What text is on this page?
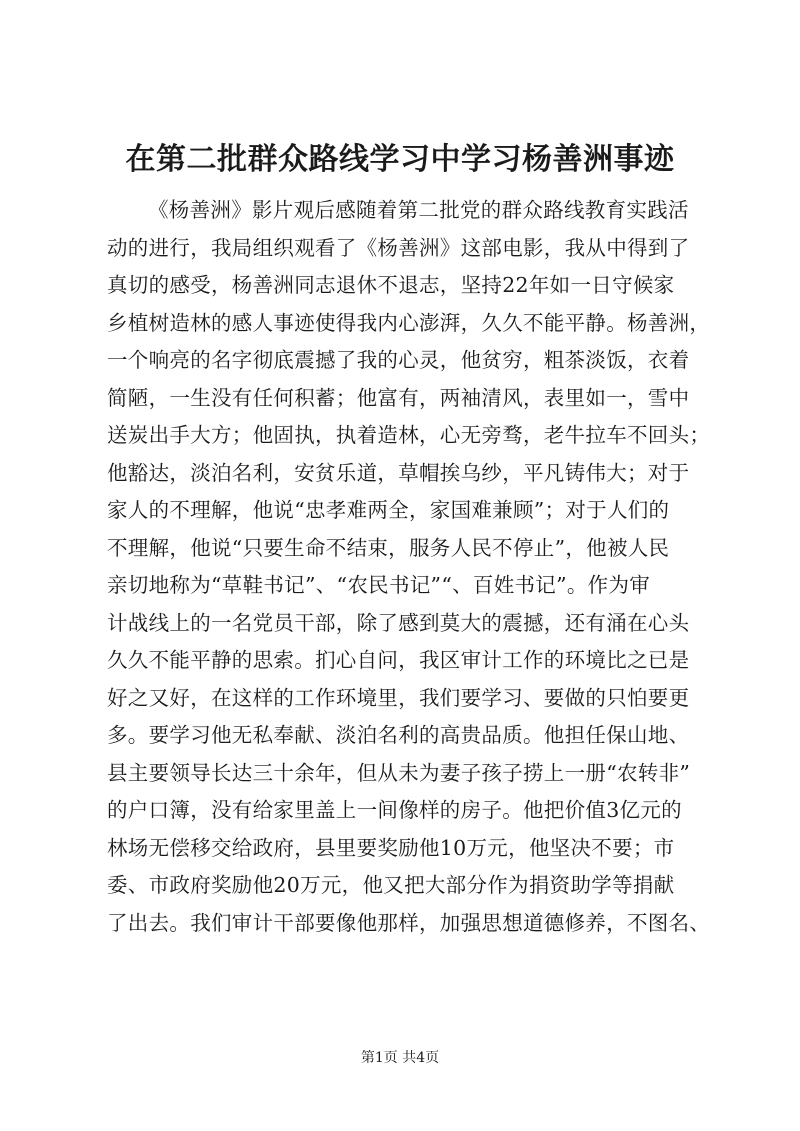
在第二批群众路线学习中学习杨善洲事迹
《杨善洲》影片观后感随着第二批党的群众路线教育实践活
动的进行，我局组织观看了《杨善洲》这部电影，我从中得到了
真切的感受，杨善洲同志退休不退志，坚持22年如一日守候家
乡植树造林的感人事迹使得我内心澎湃，久久不能平静。杨善洲，
一个响亮的名字彻底震撼了我的心灵，他贫穷，粗茶淡饭，衣着
简陋，一生没有任何积蓄；他富有，两袖清风，表里如一，雪中
送炭出手大方；他固执，执着造林，心无旁骛，老牛拉车不回头；
他豁达，淡泊名利，安贫乐道，草帽挨乌纱，平凡铸伟大；对于
家人的不理解，他说“忠孝难两全，家国难兼顾”；对于人们的
不理解，他说“只要生命不结束，服务人民不停止”，他被人民
亲切地称为“草鞋书记”、“农民书记”“、百姓书记”。作为审
计战线上的一名党员干部，除了感到莫大的震撼，还有涌在心头
久久不能平静的思索。扪心自问，我区审计工作的环境比之已是
好之又好，在这样的工作环境里，我们要学习、要做的只怕要更
多。要学习他无私奉献、淡泊名利的高贵品质。他担任保山地、
县主要领导长达三十余年，但从未为妻子孩子捞上一册“农转非”
的户口簿，没有给家里盖上一间像样的房子。他把价值3亿元的
林场无偿移交给政府，县里要奖励他10万元，他坚决不要；市
委、市政府奖励他20万元，他又把大部分作为捐资助学等捐献
了出去。我们审计干部要像他那样，加强思想道德修养，不图名、
第1页 共4页
